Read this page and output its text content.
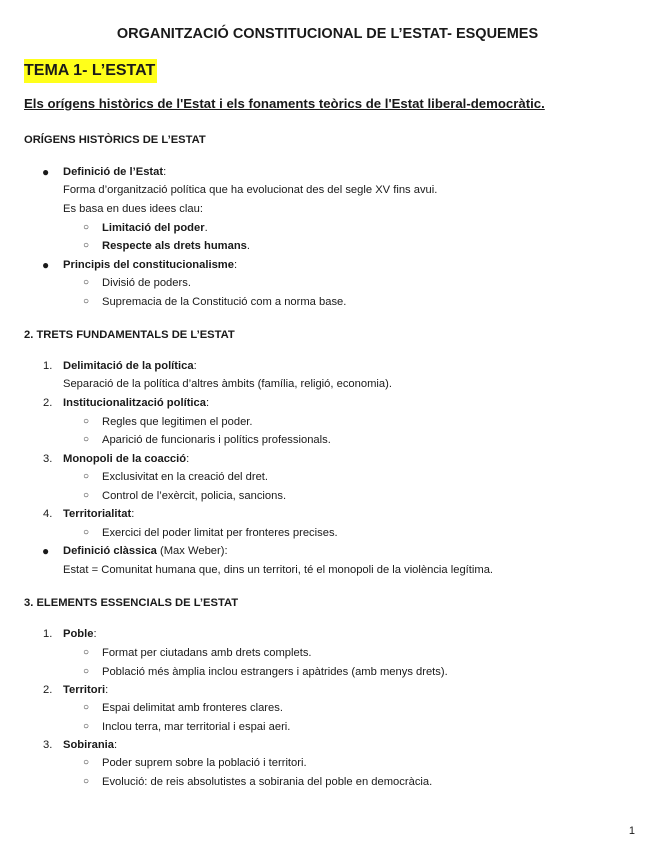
ORGANITZACIÓ CONSTITUCIONAL DE L’ESTAT- ESQUEMES
TEMA 1- L’ESTAT
Els orígens històrics de l'Estat i els fonaments teòrics de l'Estat liberal-democràtic.
ORÍGENS HISTÒRICS DE L’ESTAT
● Definició de l’Estat:
Forma d’organització política que ha evolucionat des del segle XV fins avui.
Es basa en dues idees clau:
○ Limitació del poder.
○ Respecte als drets humans.
● Principis del constitucionalisme:
○ Divisió de poders.
○ Supremacia de la Constitució com a norma base.
2. TRETS FUNDAMENTALS DE L’ESTAT
1. Delimitació de la política:
Separació de la política d’altres àmbits (família, religió, economia).
2. Institucionalització política:
○ Regles que legitimen el poder.
○ Aparició de funcionaris i polítics professionals.
3. Monopoli de la coacció:
○ Exclusivitat en la creació del dret.
○ Control de l’exèrcit, policia, sancions.
4. Territorialitat:
○ Exercici del poder limitat per fronteres precises.
● Definició clàssica (Max Weber):
Estat = Comunitat humana que, dins un territori, té el monopoli de la violència legítima.
3. ELEMENTS ESSENCIALS DE L’ESTAT
1. Poble:
○ Format per ciutadans amb drets complets.
○ Població més àmplia inclou estrangers i apàtrides (amb menys drets).
2. Territori:
○ Espai delimitat amb fronteres clares.
○ Inclou terra, mar territorial i espai aeri.
3. Sobirania:
○ Poder suprem sobre la població i territori.
○ Evolució: de reis absolutistes a sobirania del poble en democràcia.
1
